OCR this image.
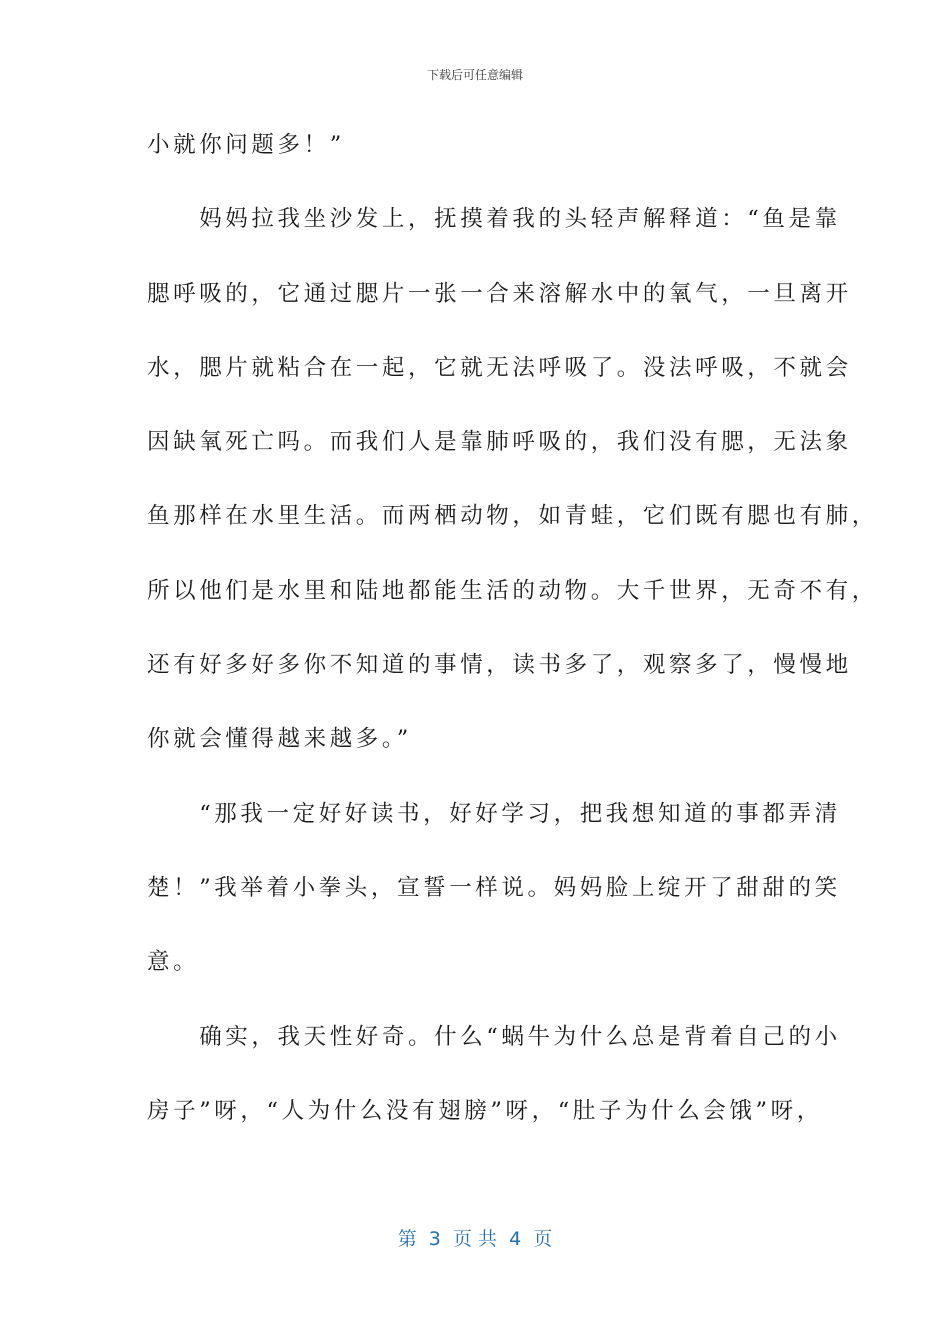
下载后可任意编辑
小就你问题多！”
　　妈妈拉我坐沙发上，抚摸着我的头轻声解释道：“鱼是靠
腮呼吸的，它通过腮片一张一合来溶解水中的氧气，一旦离开
水，腮片就粘合在一起，它就无法呼吸了。没法呼吸，不就会
因缺氧死亡吗。而我们人是靠肺呼吸的，我们没有腮，无法象
鱼那样在水里生活。而两栖动物，如青蛙，它们既有腮也有肺，
所以他们是水里和陆地都能生活的动物。大千世界，无奇不有，
还有好多好多你不知道的事情，读书多了，观察多了，慢慢地
你就会懂得越来越多。”
　　“那我一定好好读书，好好学习，把我想知道的事都弄清
楚！”我举着小拳头，宣誓一样说。妈妈脸上绽开了甜甜的笑
意。
　　确实，我天性好奇。什么“蜗牛为什么总是背着自己的小
房子”呀，“人为什么没有翅膀”呀，“肚子为什么会饿”呀，
第  3  页 共  4  页
